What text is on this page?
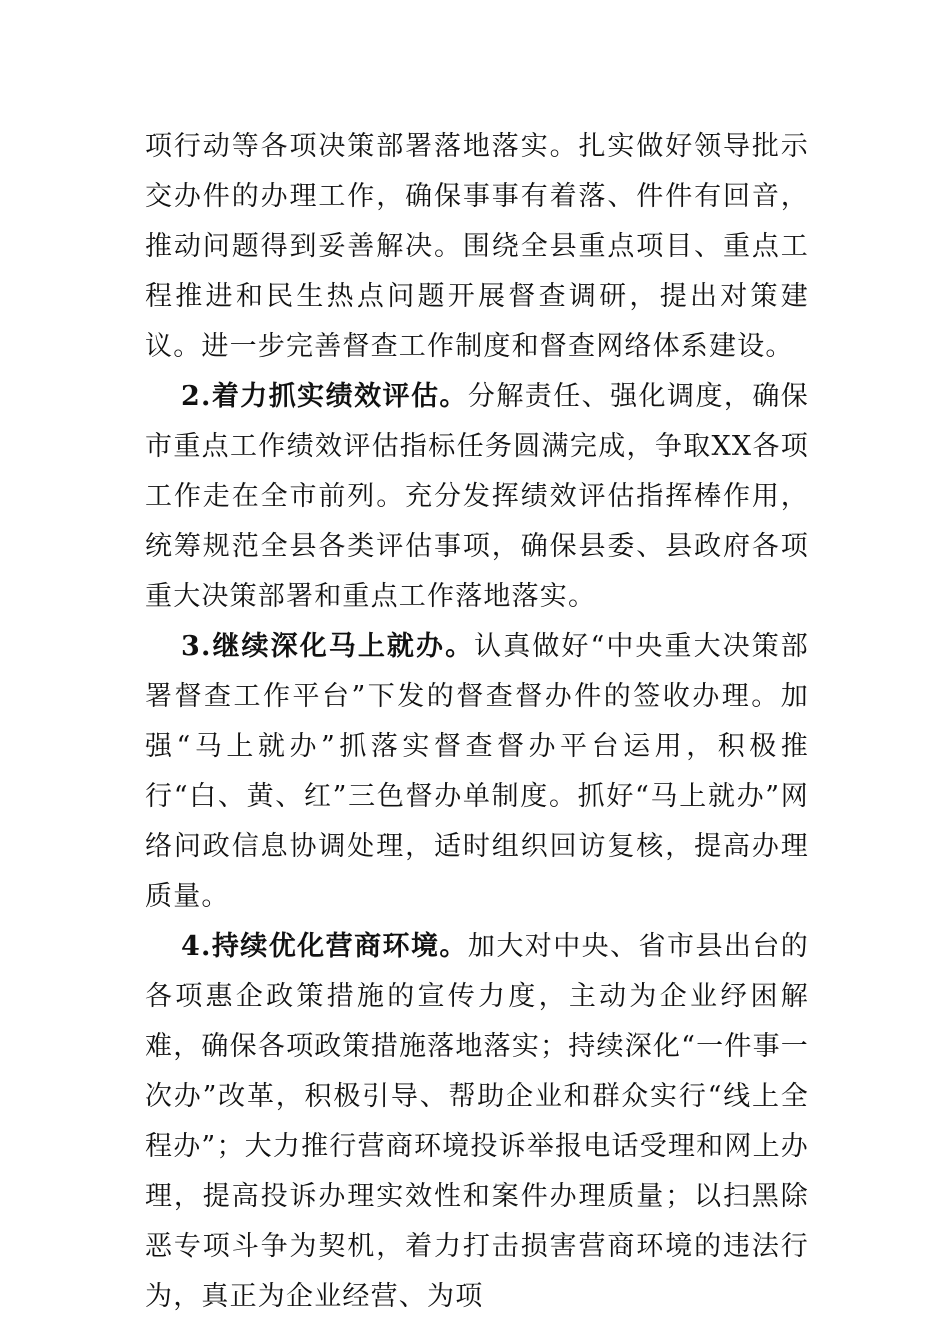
项行动等各项决策部署落地落实。扎实做好领导批示交办件的办理工作，确保事事有着落、件件有回音，推动问题得到妥善解决。围绕全县重点项目、重点工程推进和民生热点问题开展督查调研，提出对策建议。进一步完善督查工作制度和督查网络体系建设。

2.着力抓实绩效评估。分解责任、强化调度，确保市重点工作绩效评估指标任务圆满完成，争取XX各项工作走在全市前列。充分发挥绩效评估指挥棒作用，统筹规范全县各类评估事项，确保县委、县政府各项重大决策部署和重点工作落地落实。

3.继续深化马上就办。认真做好“中央重大决策部署督查工作平台”下发的督查督办件的签收办理。加强“马上就办”抓落实督查督办平台运用，积极推行“白、黄、红”三色督办单制度。抓好“马上就办”网络问政信息协调处理，适时组织回访复核，提高办理质量。

4.持续优化营商环境。加大对中央、省市县出台的各项惠企政策措施的宣传力度，主动为企业纾困解难，确保各项政策措施落地落实；持续深化“一件事一次办”改革，积极引导、帮助企业和群众实行“线上全程办”；大力推行营商环境投诉举报电话受理和网上办理，提高投诉办理实效性和案件办理质量；以扫黑除恶专项斗争为契机，着力打击损害营商环境的违法行为，真正为企业经营、为项
